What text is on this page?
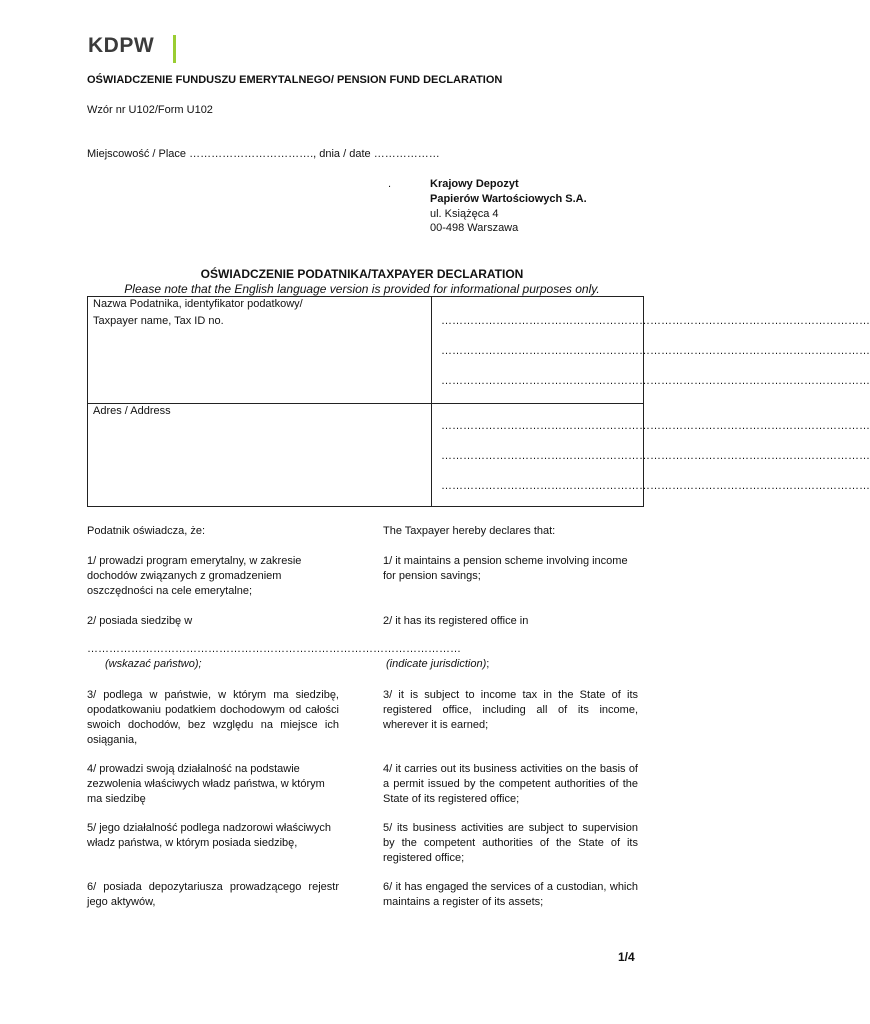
KDPW
OŚWIADCZENIE FUNDUSZU EMERYTALNEGO/ PENSION FUND DECLARATION
Wzór nr U102/Form U102
Miejscowość / Place ……………………………., dnia / date ………………
.	Krajowy Depozyt
Papierów Wartościowych S.A.
ul. Książęca 4
00-498 Warszawa
OŚWIADCZENIE PODATNIKA/TAXPAYER DECLARATION
Please note that the English language version is provided for informational purposes only.
Nazwa Podatnika, identyfikator podatkowy/
Taxpayer name, Tax ID no.
Adres / Address
………………………………………………………………………………………………………
………………………………………………………………………………………………………
………………………………………………………………………………………………………
………………………………………………………………………………………………………
………………………………………………………………………………………………………
………………………………………………………………………………………………………
Podatnik oświadcza, że:
1/ prowadzi program emerytalny, w zakresie dochodów związanych z gromadzeniem oszczędności na cele emerytalne;
2/ posiada siedzibę w
…………………………………………………………………………………………
(wskazać państwo);
3/ podlega w państwie, w którym ma siedzibę, opodatkowaniu podatkiem dochodowym od całości swoich dochodów, bez względu na miejsce ich osiągania,
4/ prowadzi swoją działalność na podstawie zezwolenia właściwych władz państwa, w którym ma siedzibę
5/ jego działalność podlega nadzorowi właściwych władz państwa, w którym posiada siedzibę,
6/ posiada depozytariusza prowadzącego rejestr jego aktywów,
The Taxpayer hereby declares that:
1/ it maintains a pension scheme involving income for pension savings;
2/ it has its registered office in
(indicate jurisdiction);
3/ it is subject to income tax in the State of its registered office, including all of its income, wherever it is earned;
4/ it carries out its business activities on the basis of a permit issued by the competent authorities of the State of its registered office;
5/ its business activities are subject to supervision by the competent authorities of the State of its registered office;
6/ it has engaged the services of a custodian, which maintains a register of its assets;
1/4
